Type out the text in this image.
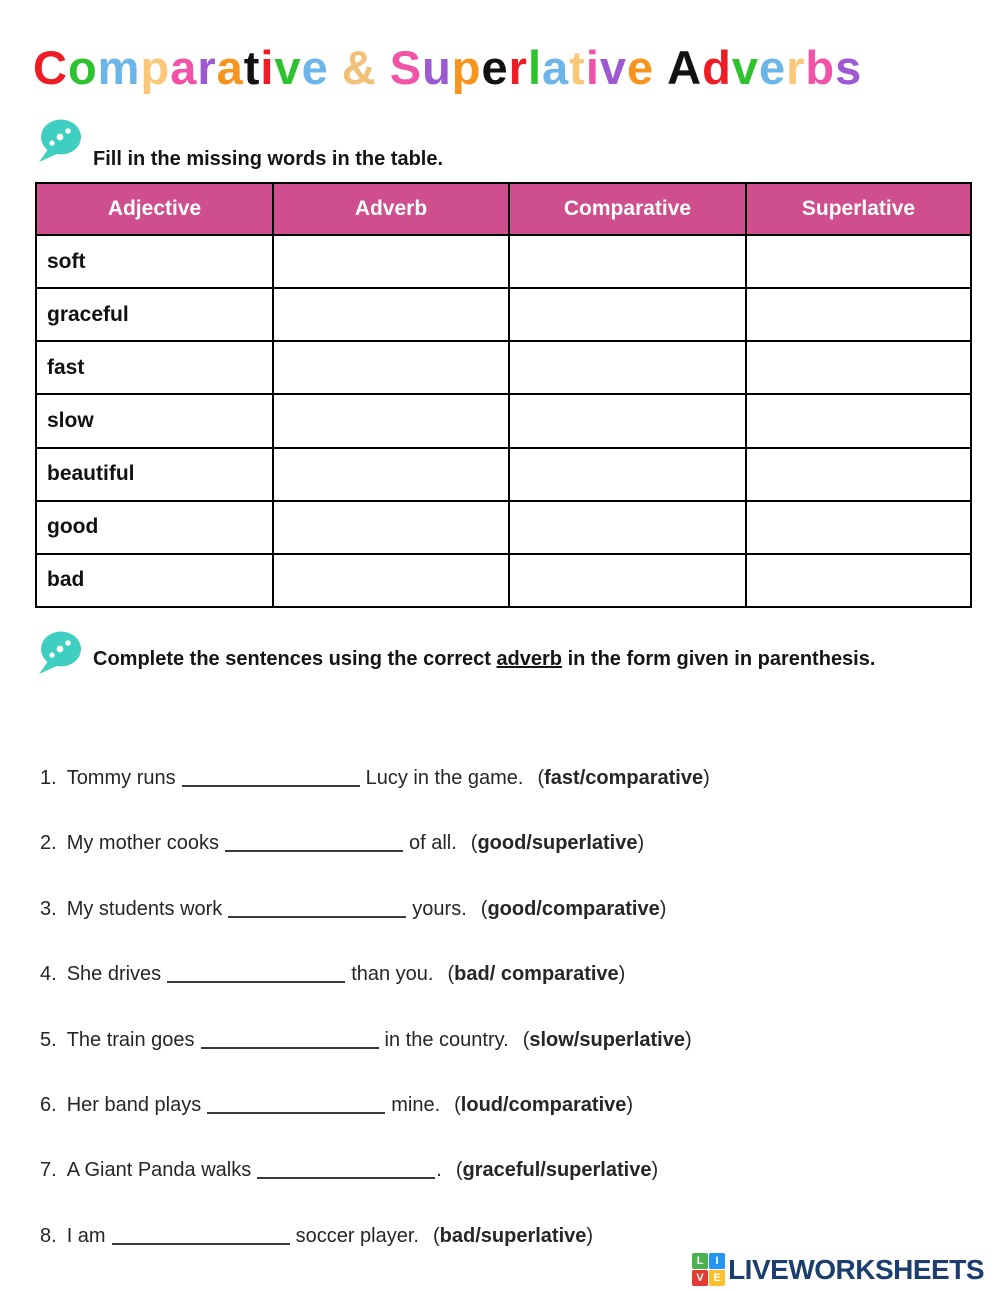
Comparative & Superlative Adverbs

Fill in the missing words in the table.

Adjective	Adverb	Comparative	Superlative
soft			
graceful			
fast			
slow			
beautiful			
good			
bad			

Complete the sentences using the correct adverb in the form given in parenthesis.

1. Tommy runs	Lucy in the game. (fast/comparative)
2. My mother cooks	of all. (good/superlative)
3. My students work	yours. (good/comparative)
4. She drives	than you. (bad/ comparative)
5. The train goes	in the country. (slow/superlative)
6. Her band plays	mine. (loud/comparative)
7. A Giant Panda walks	. (graceful/superlative)
8. I am	soccer player. (bad/superlative)
L	I
V E LIVEWORKSHEETS
